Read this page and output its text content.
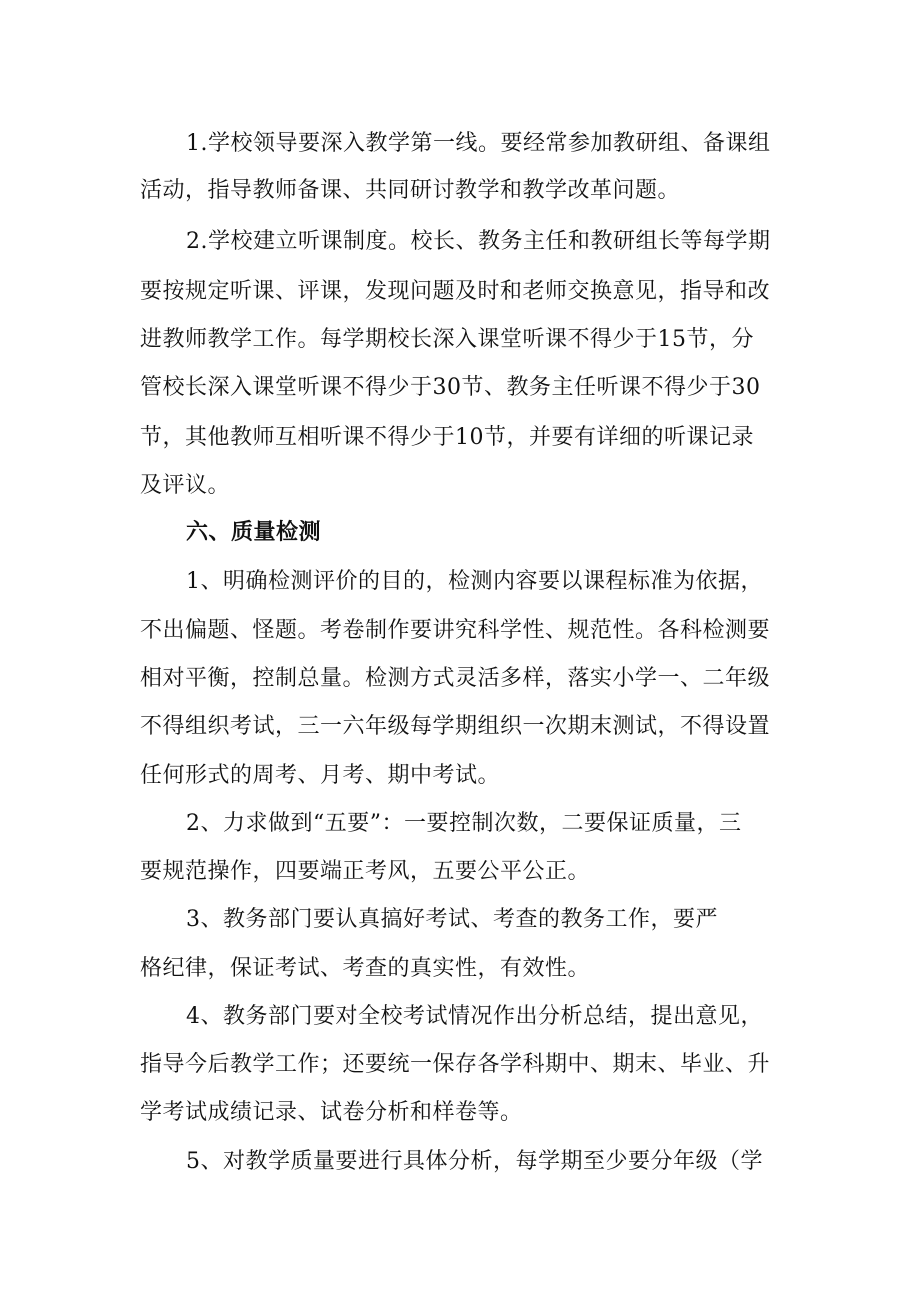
1.学校领导要深入教学第一线。要经常参加教研组、备课组
活动，指导教师备课、共同研讨教学和教学改革问题。
2.学校建立听课制度。校长、教务主任和教研组长等每学期
要按规定听课、评课，发现问题及时和老师交换意见，指导和改
进教师教学工作。每学期校长深入课堂听课不得少于15节，分
管校长深入课堂听课不得少于30节、教务主任听课不得少于30
节，其他教师互相听课不得少于10节，并要有详细的听课记录
及评议。
六、质量检测
1、明确检测评价的目的，检测内容要以课程标准为依据，
不出偏题、怪题。考卷制作要讲究科学性、规范性。各科检测要
相对平衡，控制总量。检测方式灵活多样，落实小学一、二年级
不得组织考试，三一六年级每学期组织一次期末测试，不得设置
任何形式的周考、月考、期中考试。
2、力求做到“五要”：一要控制次数，二要保证质量，三
要规范操作，四要端正考风，五要公平公正。
3、教务部门要认真搞好考试、考查的教务工作，要严
格纪律，保证考试、考查的真实性，有效性。
4、教务部门要对全校考试情况作出分析总结，提出意见，
指导今后教学工作；还要统一保存各学科期中、期末、毕业、升
学考试成绩记录、试卷分析和样卷等。
5、对教学质量要进行具体分析，每学期至少要分年级（学
